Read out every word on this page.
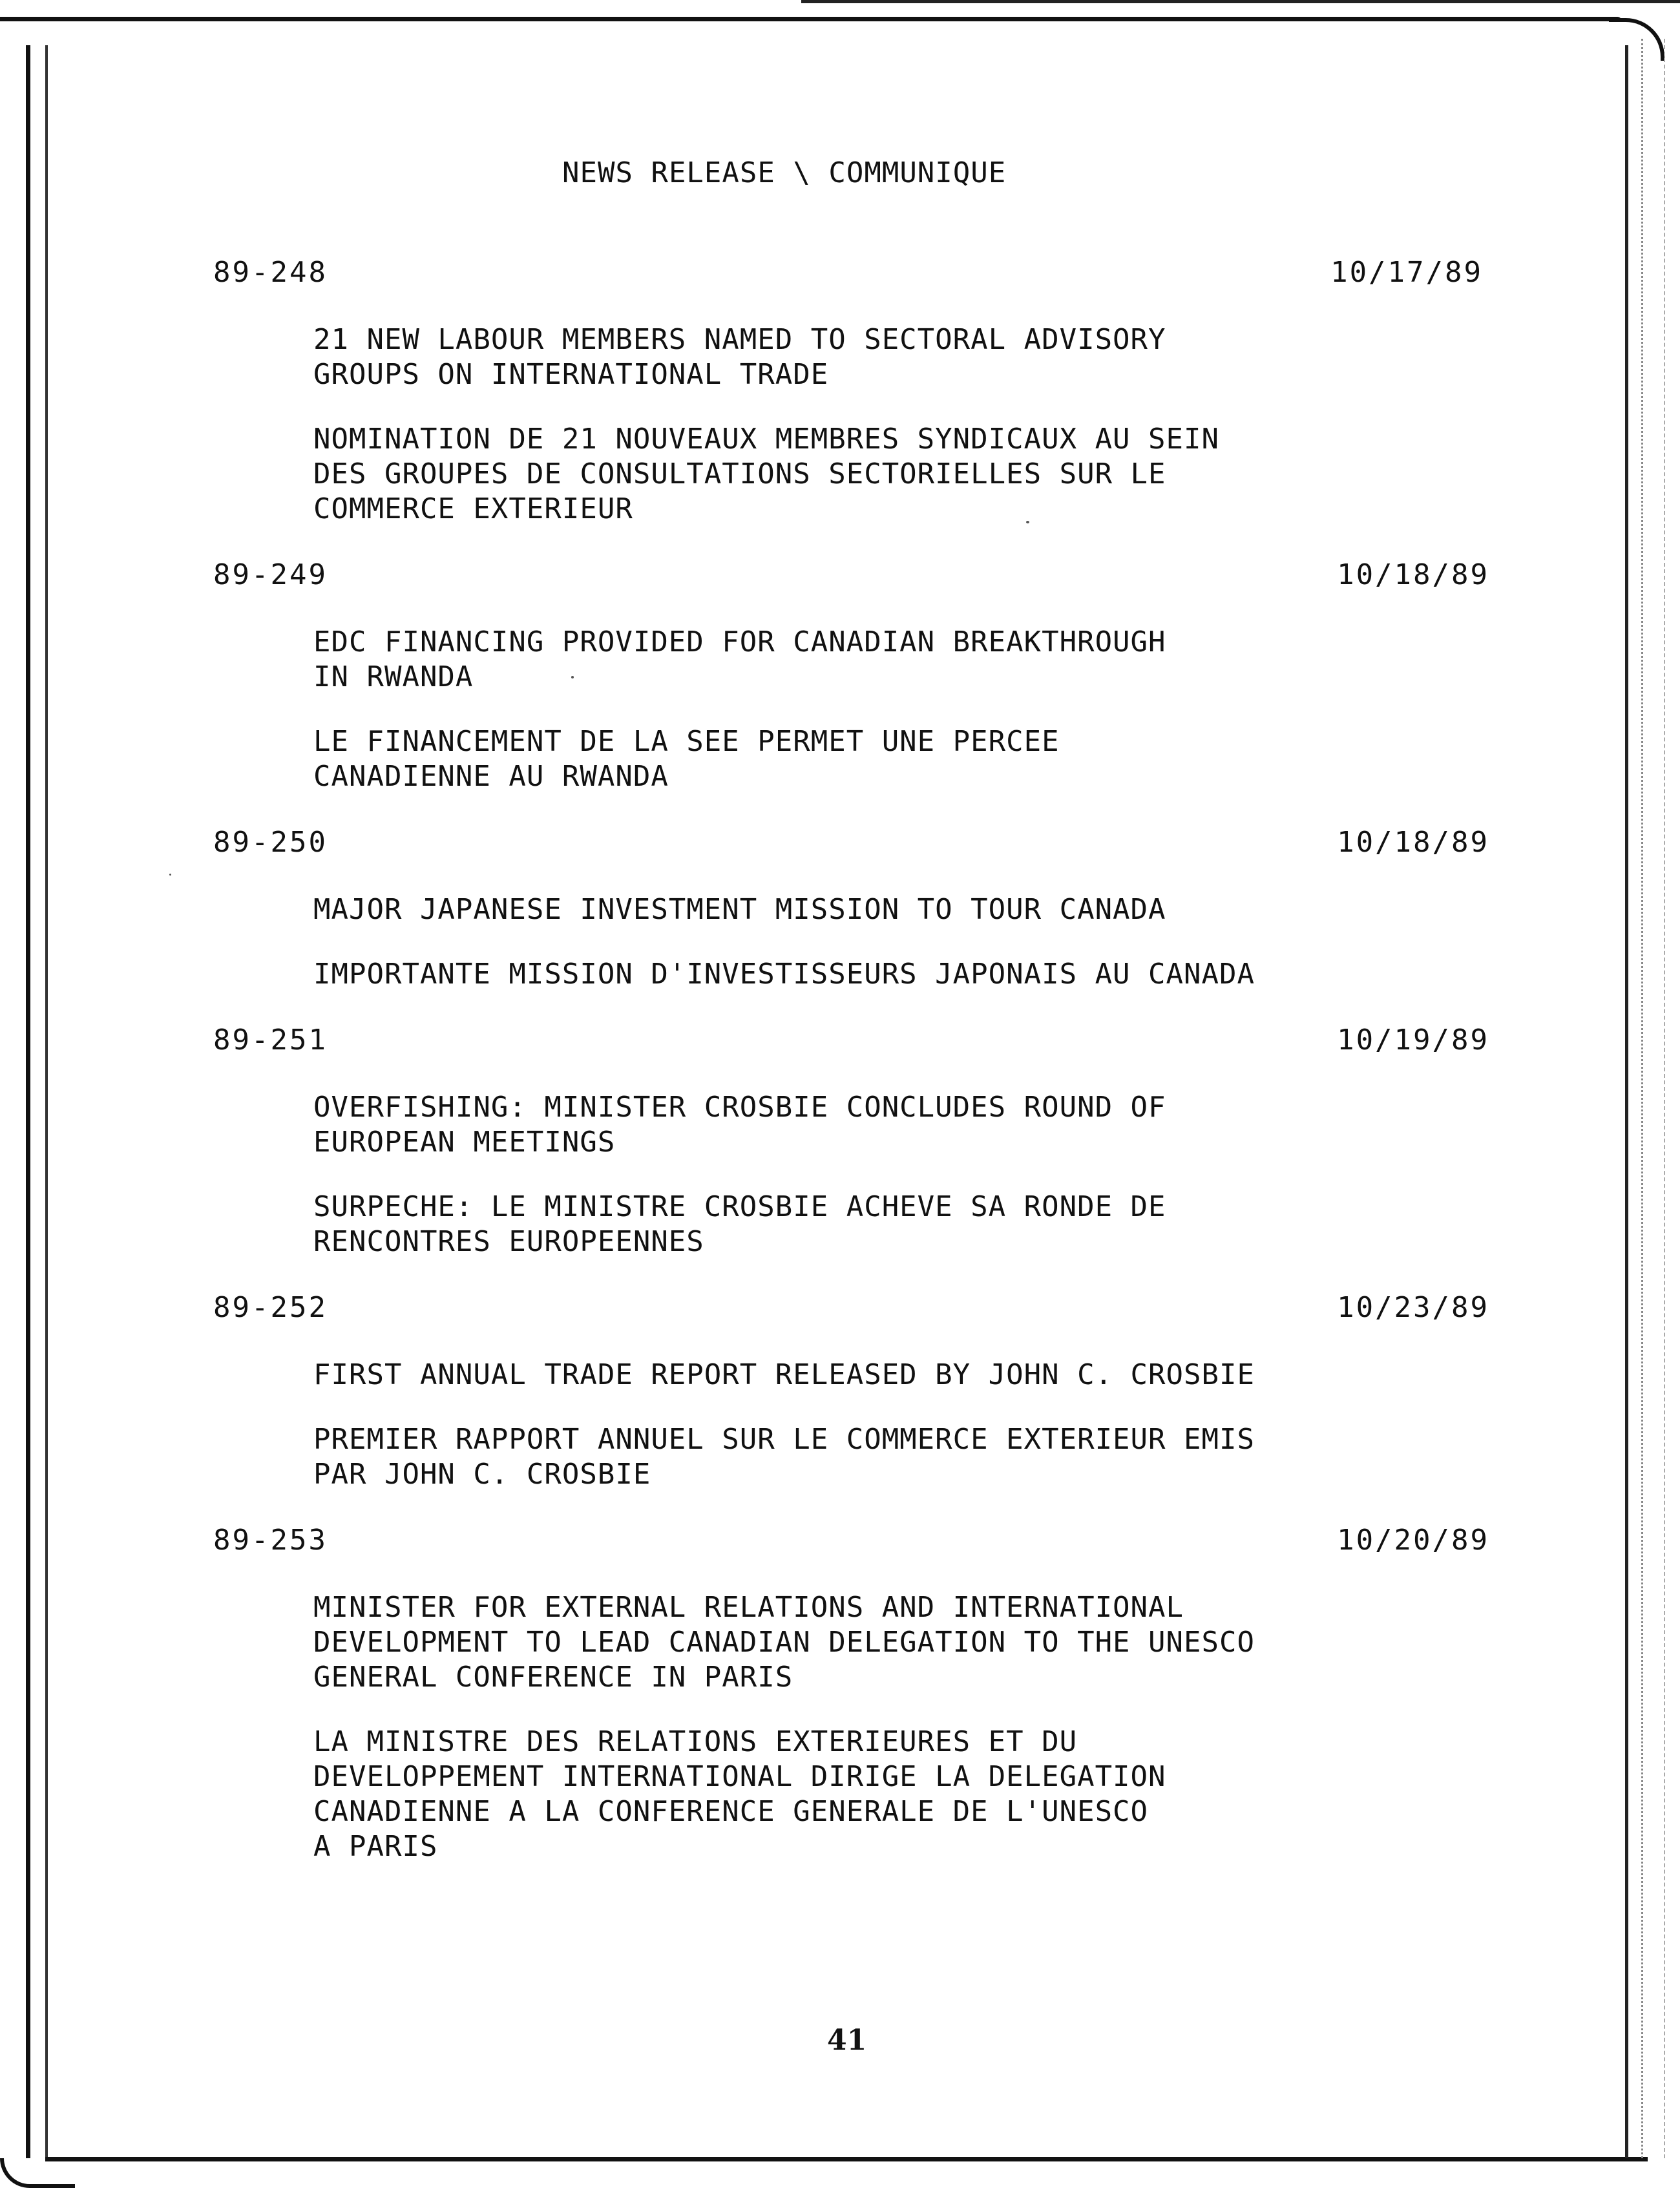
NEWS RELEASE \ COMMUNIQUE
89-248	10/17/89
21 NEW LABOUR MEMBERS NAMED TO SECTORAL ADVISORY
GROUPS ON INTERNATIONAL TRADE
NOMINATION DE 21 NOUVEAUX MEMBRES SYNDICAUX AU SEIN
DES GROUPES DE CONSULTATIONS SECTORIELLES SUR LE
COMMERCE EXTERIEUR
89-249	10/18/89
EDC FINANCING PROVIDED FOR CANADIAN BREAKTHROUGH
IN RWANDA
LE FINANCEMENT DE LA SEE PERMET UNE PERCEE
CANADIENNE AU RWANDA
89-250	10/18/89
MAJOR JAPANESE INVESTMENT MISSION TO TOUR CANADA
IMPORTANTE MISSION D'INVESTISSEURS JAPONAIS AU CANADA
89-251	10/19/89
OVERFISHING: MINISTER CROSBIE CONCLUDES ROUND OF
EUROPEAN MEETINGS
SURPECHE: LE MINISTRE CROSBIE ACHEVE SA RONDE DE
RENCONTRES EUROPEENNES
89-252	10/23/89
FIRST ANNUAL TRADE REPORT RELEASED BY JOHN C. CROSBIE
PREMIER RAPPORT ANNUEL SUR LE COMMERCE EXTERIEUR EMIS
PAR JOHN C. CROSBIE
89-253	10/20/89
MINISTER FOR EXTERNAL RELATIONS AND INTERNATIONAL
DEVELOPMENT TO LEAD CANADIAN DELEGATION TO THE UNESCO
GENERAL CONFERENCE IN PARIS
LA MINISTRE DES RELATIONS EXTERIEURES ET DU
DEVELOPPEMENT INTERNATIONAL DIRIGE LA DELEGATION
CANADIENNE A LA CONFERENCE GENERALE DE L'UNESCO
A PARIS
41
